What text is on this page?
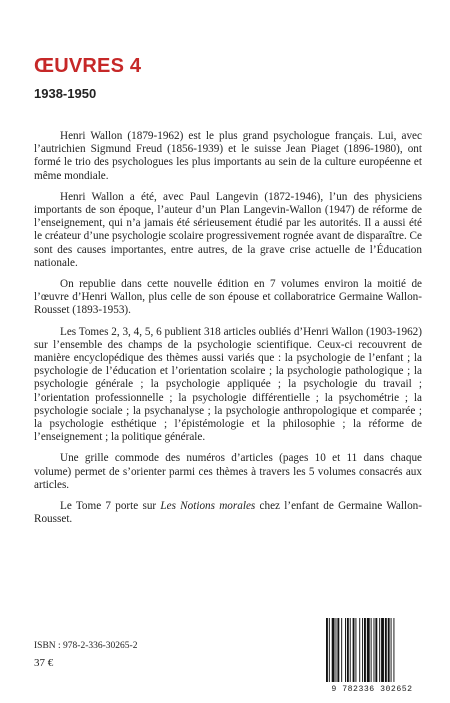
ŒUVRES 4
1938-1950

Henri Wallon (1879-1962) est le plus grand psychologue français. Lui, avec l’autrichien Sigmund Freud (1856-1939) et le suisse Jean Piaget (1896-1980), ont formé le trio des psychologues les plus importants au sein de la culture européenne et même mondiale.

Henri Wallon a été, avec Paul Langevin (1872-1946), l’un des physiciens importants de son époque, l’auteur d’un Plan Langevin-Wallon (1947) de réforme de l’enseignement, qui n’a jamais été sérieusement étudié par les autorités. Il a aussi été le créateur d’une psychologie scolaire progressivement rognée avant de disparaître. Ce sont des causes importantes, entre autres, de la grave crise actuelle de l’Éducation nationale.

On republie dans cette nouvelle édition en 7 volumes environ la moitié de l’œuvre d’Henri Wallon, plus celle de son épouse et collaboratrice Germaine Wallon-Rousset (1893-1953).

Les Tomes 2, 3, 4, 5, 6 publient 318 articles oubliés d’Henri Wallon (1903-1962) sur l’ensemble des champs de la psychologie scientifique. Ceux-ci recouvrent de manière encyclopédique des thèmes aussi variés que : la psychologie de l’enfant ; la psychologie de l’éducation et l’orientation scolaire ; la psychologie pathologique ; la psychologie générale ; la psychologie appliquée ; la psychologie du travail ; l’orientation professionnelle ; la psychologie différentielle ; la psychométrie ; la psychologie sociale ; la psychanalyse ; la psychologie anthropologique et comparée ; la psychologie esthétique ; l’épistémologie et la philosophie ; la réforme de l’enseignement ; la politique générale.

Une grille commode des numéros d’articles (pages 10 et 11 dans chaque volume) permet de s’orienter parmi ces thèmes à travers les 5 volumes consacrés aux articles.

Le Tome 7 porte sur Les Notions morales chez l’enfant de Germaine Wallon-Rousset.

ISBN : 978-2-336-30265-2
37 €
9 782336 302652
